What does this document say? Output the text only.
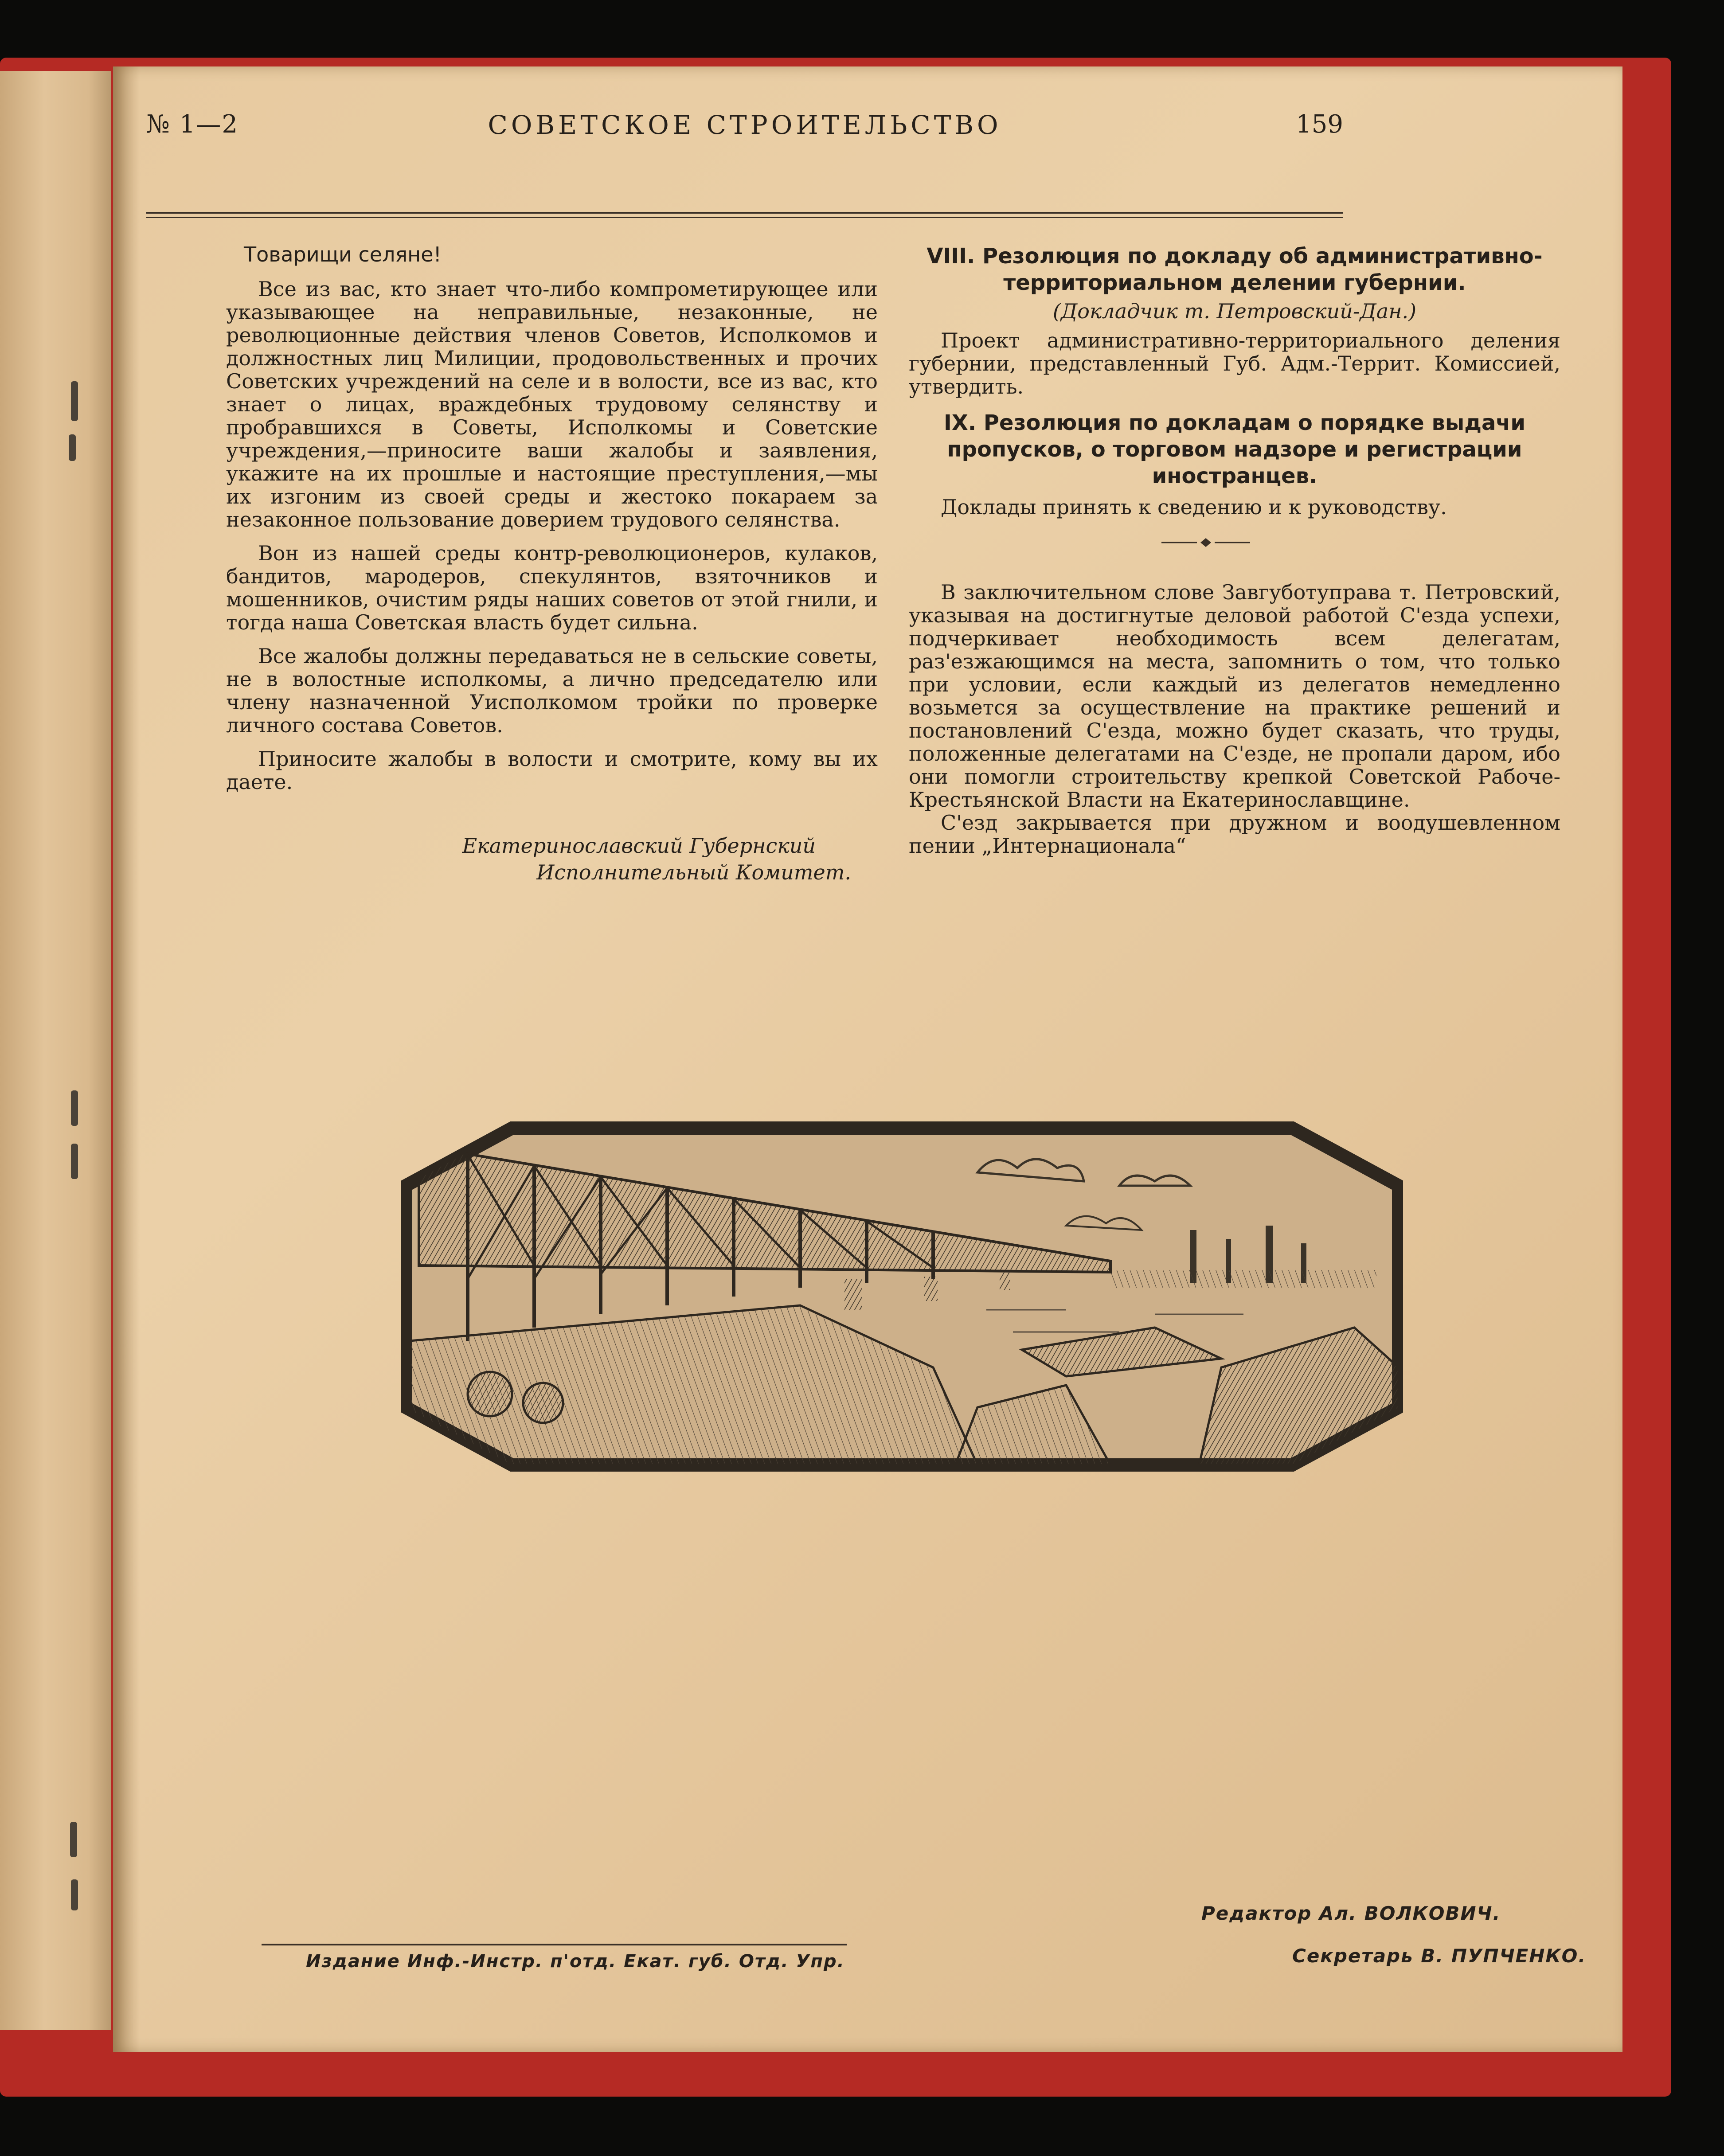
№ 1—2	СОВЕТСКОЕ СТРОИТЕЛЬСТВО	159
Товарищи селяне!

Все из вас, кто знает что-либо компрометирующее или указывающее на неправильные, незаконные, не революционные действия членов Советов, Исполкомов и должностных лиц Милиции, продовольственных и прочих Советских учреждений на селе и в волости, все из вас, кто знает о лицах, враждебных трудовому селянству и пробравшихся в Советы, Исполкомы и Советские учреждения,—приносите ваши жалобы и заявления, укажите на их прошлые и настоящие преступления,—мы их изгоним из своей среды и жестоко покараем за незаконное пользование доверием трудового селянства.

Вон из нашей среды контр-революционеров, кулаков, бандитов, мародеров, спекулянтов, взяточников и мошенников, очистим ряды наших советов от этой гнили, и тогда наша Советская власть будет сильна.

Все жалобы должны передаваться не в сельские советы, не в волостные исполкомы, а лично председателю или члену назначенной Уисполкомом тройки по проверке личного состава Советов.

Приносите жалобы в волости и смотрите, кому вы их даете.

Екатеринославский Губернский
Исполнительный Комитет.
VIII. Резолюция по докладу об административно-территориальном делении губернии.
(Докладчик т. Петровский-Дан.)

Проект административно-территориального деления губернии, представленный Губ. Адм.-Террит. Комиссией, утвердить.

IX. Резолюция по докладам о порядке выдачи пропусков, о торговом надзоре и регистрации иностранцев.

Доклады принять к сведению и к руководству.

В заключительном слове Завгуботуправа т. Петровский, указывая на достигнутые деловой работой С'езда успехи, подчеркивает необходимость всем делегатам, раз'езжающимся на места, запомнить о том, что только при условии, если каждый из делегатов немедленно возьмется за осуществление на практике решений и постановлений С'езда, можно будет сказать, что труды, положенные делегатами на С'езде, не пропали даром, ибо они помогли строительству крепкой Советской Рабоче-Крестьянской Власти на Екатеринославщине.

С'езд закрывается при дружном и воодушевленном пении „Интернационала“

Издание Инф.-Инстр. п'отд. Екат. губ. Отд. Упр.
Редактор Ал. ВОЛКОВИЧ.
Секретарь В. ПУПЧЕНКО.
